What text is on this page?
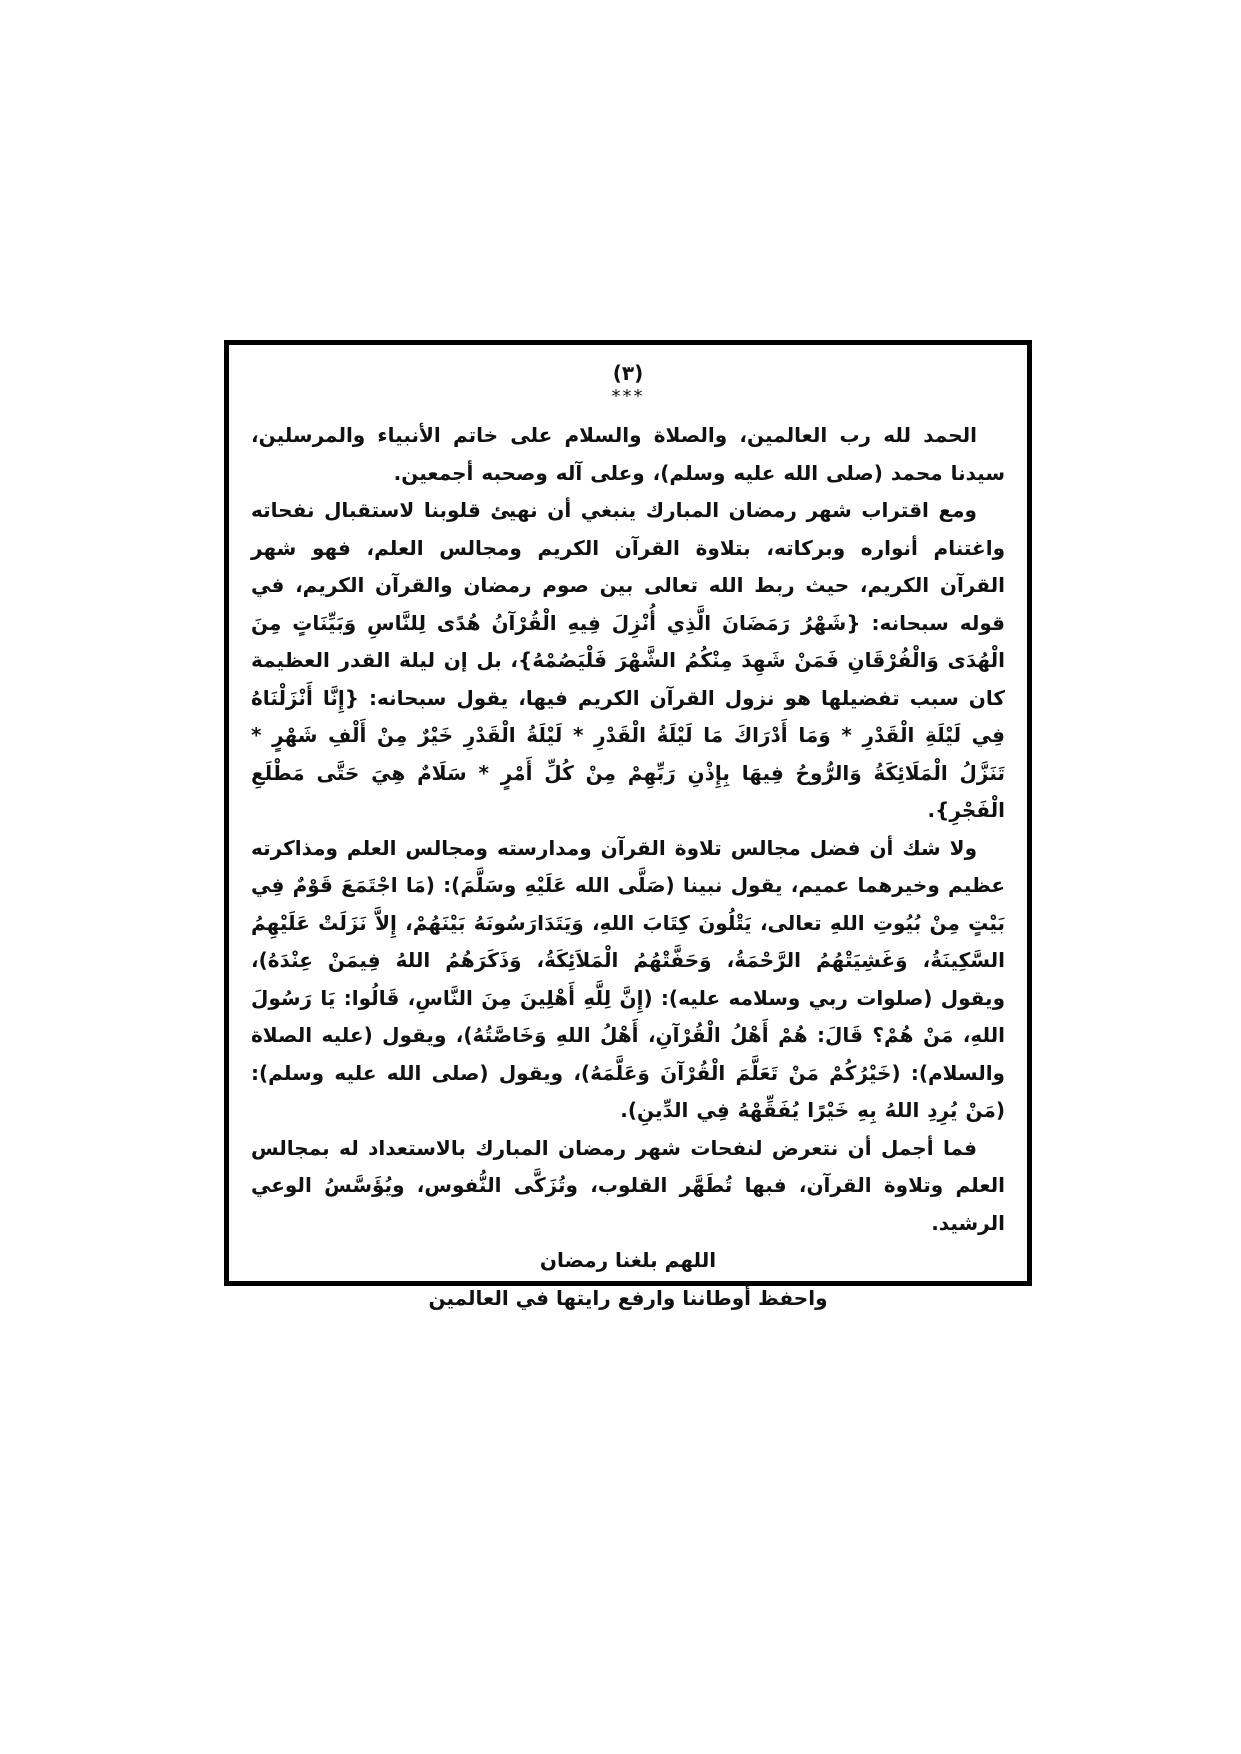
(٣)
***

الحمد لله رب العالمين، والصلاة والسلام على خاتم الأنبياء والمرسلين، سيدنا محمد (صلى الله عليه وسلم)، وعلى آله وصحبه أجمعين.

ومع اقتراب شهر رمضان المبارك ينبغي أن نهيئ قلوبنا لاستقبال نفحاته واغتنام أنواره وبركاته، بتلاوة القرآن الكريم ومجالس العلم، فهو شهر القرآن الكريم، حيث ربط الله تعالى بين صوم رمضان والقرآن الكريم، في قوله سبحانه: {شَهْرُ رَمَضَانَ الَّذِي أُنْزِلَ فِيهِ الْقُرْآنُ هُدًى لِلنَّاسِ وَبَيِّنَاتٍ مِنَ الْهُدَى وَالْفُرْقَانِ فَمَنْ شَهِدَ مِنْكُمُ الشَّهْرَ فَلْيَصُمْهُ}، بل إن ليلة القدر العظيمة كان سبب تفضيلها هو نزول القرآن الكريم فيها، يقول سبحانه: {إِنَّا أَنْزَلْنَاهُ فِي لَيْلَةِ الْقَدْرِ * وَمَا أَدْرَاكَ مَا لَيْلَةُ الْقَدْرِ * لَيْلَةُ الْقَدْرِ خَيْرٌ مِنْ أَلْفِ شَهْرٍ * تَنَزَّلُ الْمَلَائِكَةُ وَالرُّوحُ فِيهَا بِإِذْنِ رَبِّهِمْ مِنْ كُلِّ أَمْرٍ * سَلَامٌ هِيَ حَتَّى مَطْلَعِ الْفَجْرِ}.

ولا شك أن فضل مجالس تلاوة القرآن ومدارسته ومجالس العلم ومذاكرته عظيم وخيرهما عميم، يقول نبينا (صَلَّى الله عَلَيْهِ وسَلَّمَ): (مَا اجْتَمَعَ قَوْمٌ فِي بَيْتٍ مِنْ بُيُوتِ اللهِ تعالى، يَتْلُونَ كِتَابَ اللهِ، وَيَتَدَارَسُونَهُ بَيْنَهُمْ، إِلاَّ نَزَلَتْ عَلَيْهِمُ السَّكِينَةُ، وَغَشِيَتْهُمُ الرَّحْمَةُ، وَحَفَّتْهُمُ الْمَلاَئِكَةُ، وَذَكَرَهُمُ اللهُ فِيمَنْ عِنْدَهُ)، ويقول (صلوات ربي وسلامه عليه): (إِنَّ لِلَّهِ أَهْلِينَ مِنَ النَّاسِ، قَالُوا: يَا رَسُولَ اللهِ، مَنْ هُمْ؟ قَالَ: هُمْ أَهْلُ الْقُرْآنِ، أَهْلُ اللهِ وَخَاصَّتُهُ)، ويقول (عليه الصلاة والسلام): (خَيْرُكُمْ مَنْ تَعَلَّمَ الْقُرْآنَ وَعَلَّمَهُ)، ويقول (صلى الله عليه وسلم): (مَنْ يُرِدِ اللهُ بِهِ خَيْرًا يُفَقِّهْهُ فِي الدِّينِ).

فما أجمل أن نتعرض لنفحات شهر رمضان المبارك بالاستعداد له بمجالس العلم وتلاوة القرآن، فبها تُطَهَّر القلوب، وتُزَكَّى النُّفوس، ويُؤَسَّسُ الوعي الرشيد.

اللهم بلغنا رمضان

واحفظ أوطاننا وارفع رايتها في العالمين
